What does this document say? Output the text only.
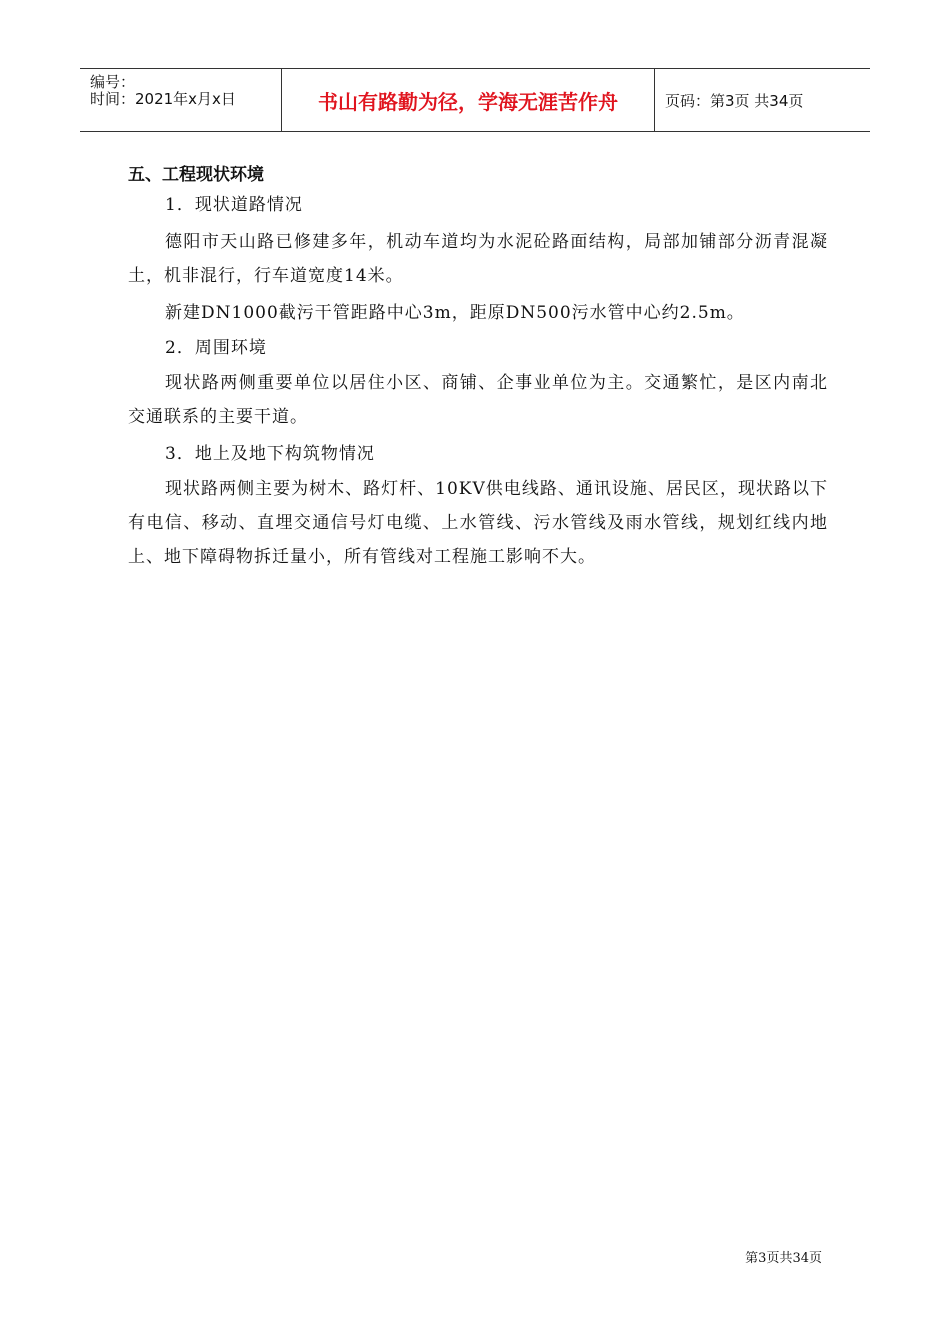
编号：
时间：2021年x月x日	书山有路勤为径，学海无涯苦作舟	页码：第3页 共34页
五、工程现状环境
1．现状道路情况
德阳市天山路已修建多年，机动车道均为水泥砼路面结构，局部加铺部分沥青混凝土，机非混行，行车道宽度14米。
新建DN1000截污干管距路中心3m，距原DN500污水管中心约2.5m。
2．周围环境
现状路两侧重要单位以居住小区、商铺、企事业单位为主。交通繁忙，是区内南北交通联系的主要干道。
3．地上及地下构筑物情况
现状路两侧主要为树木、路灯杆、10KV供电线路、通讯设施、居民区，现状路以下有电信、移动、直埋交通信号灯电缆、上水管线、污水管线及雨水管线，规划红线内地上、地下障碍物拆迁量小，所有管线对工程施工影响不大。
第3页共34页
